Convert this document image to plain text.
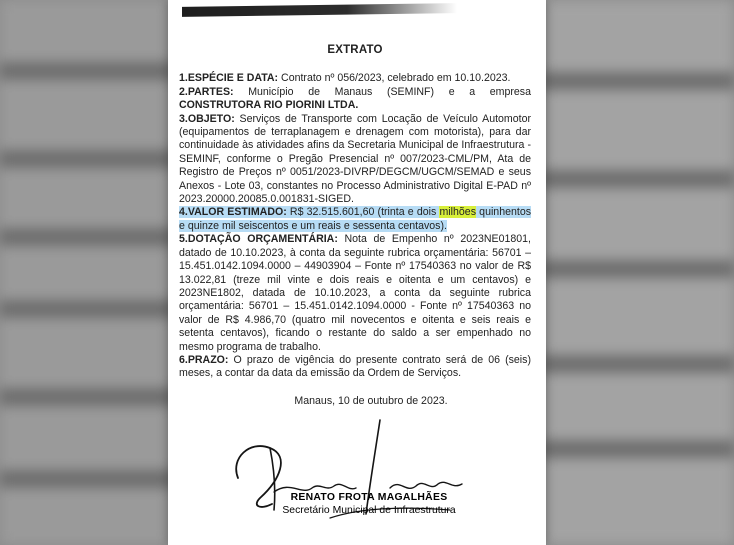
EXTRATO
1.ESPÉCIE E DATA: Contrato nº 056/2023, celebrado em 10.10.2023.
2.PARTES: Município de Manaus (SEMINF) e a empresa CONSTRUTORA RIO PIORINI LTDA.
3.OBJETO: Serviços de Transporte com Locação de Veículo Automotor (equipamentos de terraplanagem e drenagem com motorista), para dar continuidade às atividades afins da Secretaria Municipal de Infraestrutura - SEMINF, conforme o Pregão Presencial nº 007/2023-CML/PM, Ata de Registro de Preços nº 0051/2023-DIVRP/DEGCM/UGCM/SEMAD e seus Anexos - Lote 03, constantes no Processo Administrativo Digital E-PAD nº 2023.20000.20085.0.001831-SIGED.
4.VALOR ESTIMADO: R$ 32.515.601,60 (trinta e dois milhões quinhentos e quinze mil seiscentos e um reais e sessenta centavos).
5.DOTAÇÃO ORÇAMENTÁRIA: Nota de Empenho nº 2023NE01801, datado de 10.10.2023, à conta da seguinte rubrica orçamentária: 56701 – 15.451.0142.1094.0000 – 44903904 – Fonte nº 17540363 no valor de R$ 13.022,81 (treze mil vinte e dois reais e oitenta e um centavos) e 2023NE1802, datada de 10.10.2023, a conta da seguinte rubrica orçamentária: 56701 – 15.451.0142.1094.0000 - Fonte nº 17540363 no valor de R$ 4.986,70 (quatro mil novecentos e oitenta e seis reais e setenta centavos), ficando o restante do saldo a ser empenhado no mesmo programa de trabalho.
6.PRAZO: O prazo de vigência do presente contrato será de 06 (seis) meses, a contar da data da emissão da Ordem de Serviços.
Manaus, 10 de outubro de 2023.
RENATO FROTA MAGALHÃES
Secretário Municipal de Infraestrutura
